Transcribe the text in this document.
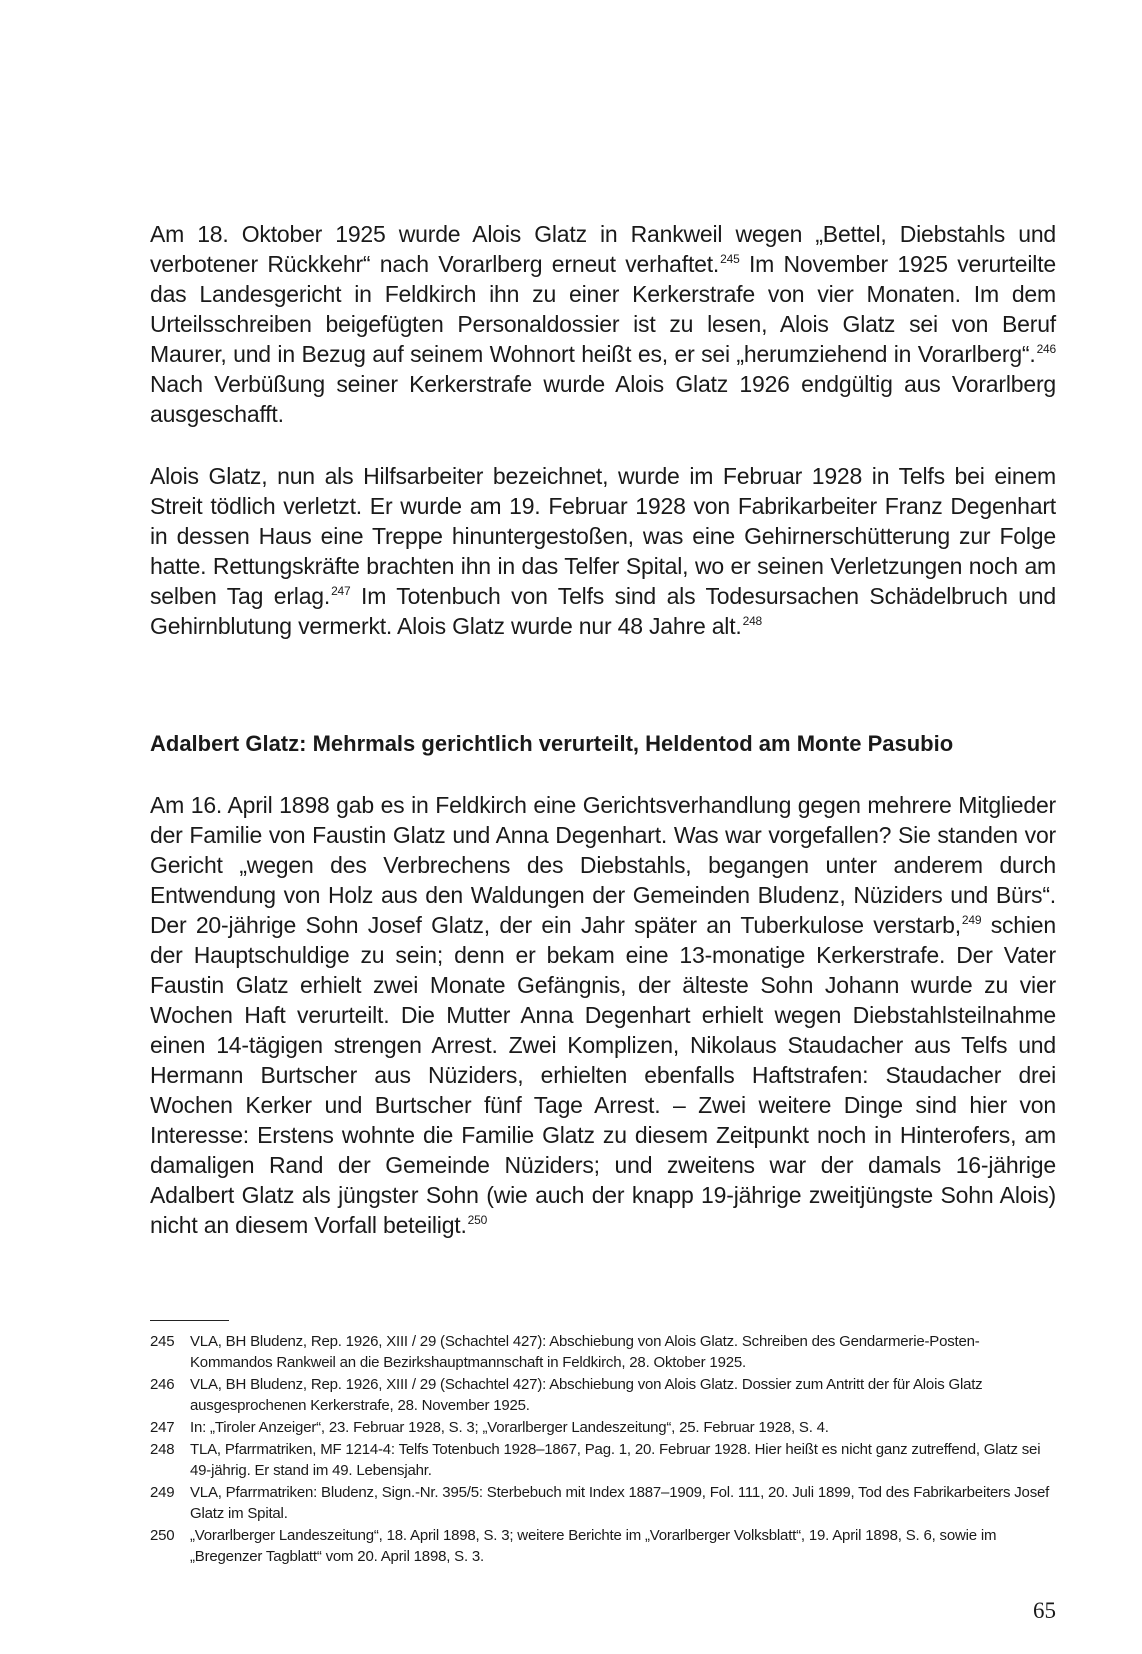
Am 18. Oktober 1925 wurde Alois Glatz in Rankweil wegen „Bettel, Diebstahls und verbotener Rückkehr“ nach Vorarlberg erneut verhaftet.$^{245}$ Im November 1925 verurteilte das Landesgericht in Feldkirch ihn zu einer Kerkerstrafe von vier Monaten. Im dem Urteilsschreiben beigefügten Personaldossier ist zu lesen, Alois Glatz sei von Beruf Maurer, und in Bezug auf seinem Wohnort heißt es, er sei „herumziehend in Vorarlberg“.$^{246}$ Nach Verbüßung seiner Kerkerstrafe wurde Alois Glatz 1926 endgültig aus Vorarlberg ausgeschafft.

Alois Glatz, nun als Hilfsarbeiter bezeichnet, wurde im Februar 1928 in Telfs bei einem Streit tödlich verletzt. Er wurde am 19. Februar 1928 von Fabrikarbeiter Franz Degenhart in dessen Haus eine Treppe hinuntergestoßen, was eine Gehirnerschütterung zur Folge hatte. Rettungskräfte brachten ihn in das Telfer Spital, wo er seinen Verletzungen noch am selben Tag erlag.$^{247}$ Im Totenbuch von Telfs sind als Todesursachen Schädelbruch und Gehirnblutung vermerkt. Alois Glatz wurde nur 48 Jahre alt.$^{248}$

Adalbert Glatz: Mehrmals gerichtlich verurteilt, Heldentod am Monte Pasubio

Am 16. April 1898 gab es in Feldkirch eine Gerichtsverhandlung gegen mehrere Mitglieder der Familie von Faustin Glatz und Anna Degenhart. Was war vorgefallen? Sie standen vor Gericht „wegen des Verbrechens des Diebstahls, begangen unter anderem durch Entwendung von Holz aus den Waldungen der Gemeinden Bludenz, Nüziders und Bürs“. Der 20-jährige Sohn Josef Glatz, der ein Jahr später an Tuberkulose verstarb,$^{249}$ schien der Hauptschuldige zu sein; denn er bekam eine 13-monatige Kerkerstrafe. Der Vater Faustin Glatz erhielt zwei Monate Gefängnis, der älteste Sohn Johann wurde zu vier Wochen Haft verurteilt. Die Mutter Anna Degenhart erhielt wegen Diebstahlsteilnahme einen 14-tägigen strengen Arrest. Zwei Komplizen, Nikolaus Staudacher aus Telfs und Hermann Burtscher aus Nüziders, erhielten ebenfalls Haftstrafen: Staudacher drei Wochen Kerker und Burtscher fünf Tage Arrest. – Zwei weitere Dinge sind hier von Interesse: Erstens wohnte die Familie Glatz zu diesem Zeitpunkt noch in Hinterofers, am damaligen Rand der Gemeinde Nüziders; und zweitens war der damals 16-jährige Adalbert Glatz als jüngster Sohn (wie auch der knapp 19-jährige zweitjüngste Sohn Alois) nicht an diesem Vorfall beteiligt.$^{250}$

245	VLA, BH Bludenz, Rep. 1926, XIII / 29 (Schachtel 427): Abschiebung von Alois Glatz. Schreiben des Gendarmerie-Posten-Kommandos Rankweil an die Bezirkshauptmannschaft in Feldkirch, 28. Oktober 1925.
246	VLA, BH Bludenz, Rep. 1926, XIII / 29 (Schachtel 427): Abschiebung von Alois Glatz. Dossier zum Antritt der für Alois Glatz ausgesprochenen Kerkerstrafe, 28. November 1925.
247	In: „Tiroler Anzeiger“, 23. Februar 1928, S. 3; „Vorarlberger Landeszeitung“, 25. Februar 1928, S. 4.
248	TLA, Pfarrmatriken, MF 1214-4: Telfs Totenbuch 1928–1867, Pag. 1, 20. Februar 1928. Hier heißt es nicht ganz zutreffend, Glatz sei 49-jährig. Er stand im 49. Lebensjahr.
249	VLA, Pfarrmatriken: Bludenz, Sign.-Nr. 395/5: Sterbebuch mit Index 1887–1909, Fol. 111, 20. Juli 1899, Tod des Fabrikarbeiters Josef Glatz im Spital.
250	„Vorarlberger Landeszeitung“, 18. April 1898, S. 3; weitere Berichte im „Vorarlberger Volksblatt“, 19. April 1898, S. 6, sowie im „Bregenzer Tagblatt“ vom 20. April 1898, S. 3.
65
